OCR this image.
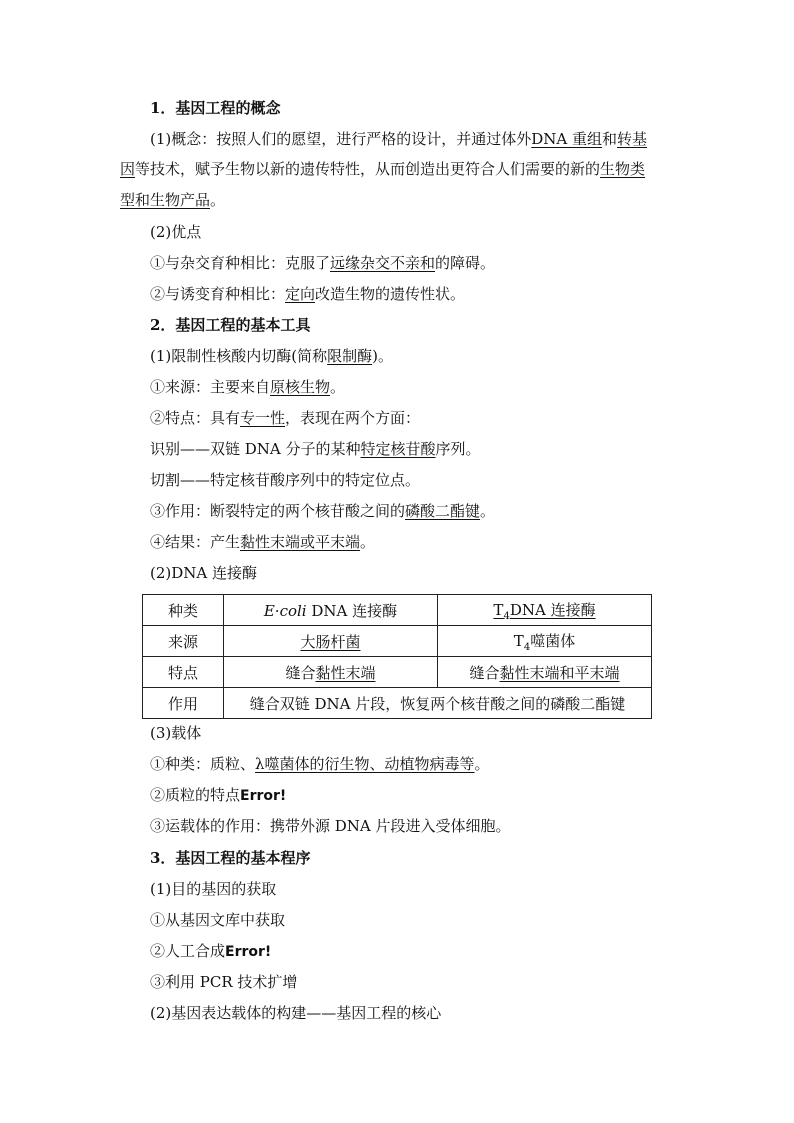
1．基因工程的概念
(1)概念：按照人们的愿望，进行严格的设计，并通过体外DNA 重组和转基
因等技术，赋予生物以新的遗传特性，从而创造出更符合人们需要的新的生物类
型和生物产品。
(2)优点
①与杂交育种相比：克服了远缘杂交不亲和的障碍。
②与诱变育种相比：定向改造生物的遗传性状。
2．基因工程的基本工具
(1)限制性核酸内切酶(简称限制酶)。
①来源：主要来自原核生物。
②特点：具有专一性，表现在两个方面：
识别——双链 DNA 分子的某种特定核苷酸序列。
切割——特定核苷酸序列中的特定位点。
③作用：断裂特定的两个核苷酸之间的磷酸二酯键。
④结果：产生黏性末端或平末端。
(2)DNA 连接酶
种类	E·coli DNA 连接酶	$T_4DNA$ 连接酶
来源	大肠杆菌	$T_4$噬菌体
特点	缝合黏性末端	缝合黏性末端和平末端
作用	缝合双链 DNA 片段，恢复两个核苷酸之间的磷酸二酯键	
(3)载体
①种类：质粒、λ噬菌体的衍生物、动植物病毒等。
②质粒的特点Error!
③运载体的作用：携带外源 DNA 片段进入受体细胞。
3．基因工程的基本程序
(1)目的基因的获取
①从基因文库中获取
②人工合成Error!
③利用 PCR 技术扩增
(2)基因表达载体的构建——基因工程的核心
